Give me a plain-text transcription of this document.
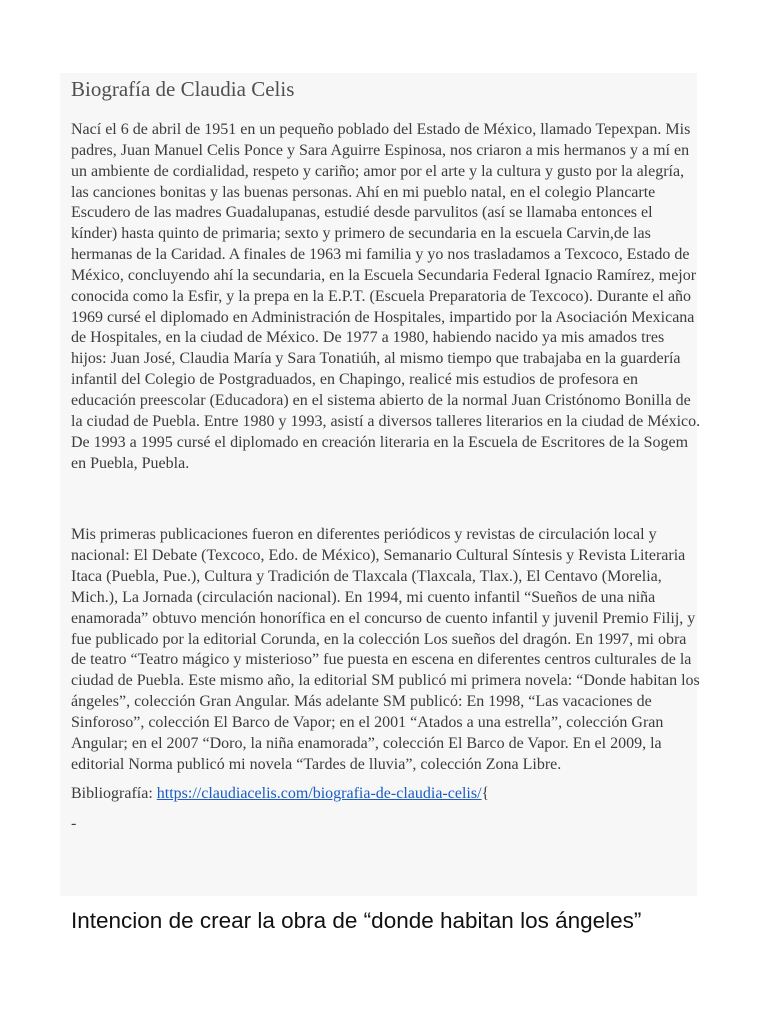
Biografía de Claudia Celis

Nací el 6 de abril de 1951 en un pequeño poblado del Estado de México, llamado Tepexpan. Mis padres, Juan Manuel Celis Ponce y Sara Aguirre Espinosa, nos criaron a mis hermanos y a mí en un ambiente de cordialidad, respeto y cariño; amor por el arte y la cultura y gusto por la alegría, las canciones bonitas y las buenas personas. Ahí en mi pueblo natal, en el colegio Plancarte Escudero de las madres Guadalupanas, estudié desde parvulitos (así se llamaba entonces el kínder) hasta quinto de primaria; sexto y primero de secundaria en la escuela Carvin,de las hermanas de la Caridad. A finales de 1963 mi familia y yo nos trasladamos a Texcoco, Estado de México, concluyendo ahí la secundaria, en la Escuela Secundaria Federal Ignacio Ramírez, mejor conocida como la Esfir, y la prepa en la E.P.T. (Escuela Preparatoria de Texcoco). Durante el año 1969 cursé el diplomado en Administración de Hospitales, impartido por la Asociación Mexicana de Hospitales, en la ciudad de México. De 1977 a 1980, habiendo nacido ya mis amados tres hijos: Juan José, Claudia María y Sara Tonatiúh, al mismo tiempo que trabajaba en la guardería infantil del Colegio de Postgraduados, en Chapingo, realicé mis estudios de profesora en educación preescolar (Educadora) en el sistema abierto de la normal Juan Cristónomo Bonilla de la ciudad de Puebla. Entre 1980 y 1993, asistí a diversos talleres literarios en la ciudad de México. De 1993 a 1995 cursé el diplomado en creación literaria en la Escuela de Escritores de la Sogem en Puebla, Puebla.

Mis primeras publicaciones fueron en diferentes periódicos y revistas de circulación local y nacional: El Debate (Texcoco, Edo. de México), Semanario Cultural Síntesis y Revista Literaria Itaca (Puebla, Pue.), Cultura y Tradición de Tlaxcala (Tlaxcala, Tlax.), El Centavo (Morelia, Mich.), La Jornada (circulación nacional). En 1994, mi cuento infantil “Sueños de una niña enamorada” obtuvo mención honorífica en el concurso de cuento infantil y juvenil Premio Filij, y fue publicado por la editorial Corunda, en la colección Los sueños del dragón. En 1997, mi obra de teatro “Teatro mágico y misterioso” fue puesta en escena en diferentes centros culturales de la ciudad de Puebla. Este mismo año, la editorial SM publicó mi primera novela: “Donde habitan los ángeles”, colección Gran Angular. Más adelante SM publicó: En 1998, “Las vacaciones de Sinforoso”, colección El Barco de Vapor; en el 2001 “Atados a una estrella”, colección Gran Angular; en el 2007 “Doro, la niña enamorada”, colección El Barco de Vapor. En el 2009, la editorial Norma publicó mi novela “Tardes de lluvia”, colección Zona Libre.

Bibliografía: https://claudiacelis.com/biografia-de-claudia-celis/{
-
Intencion de crear la obra de “donde habitan los ángeles”
